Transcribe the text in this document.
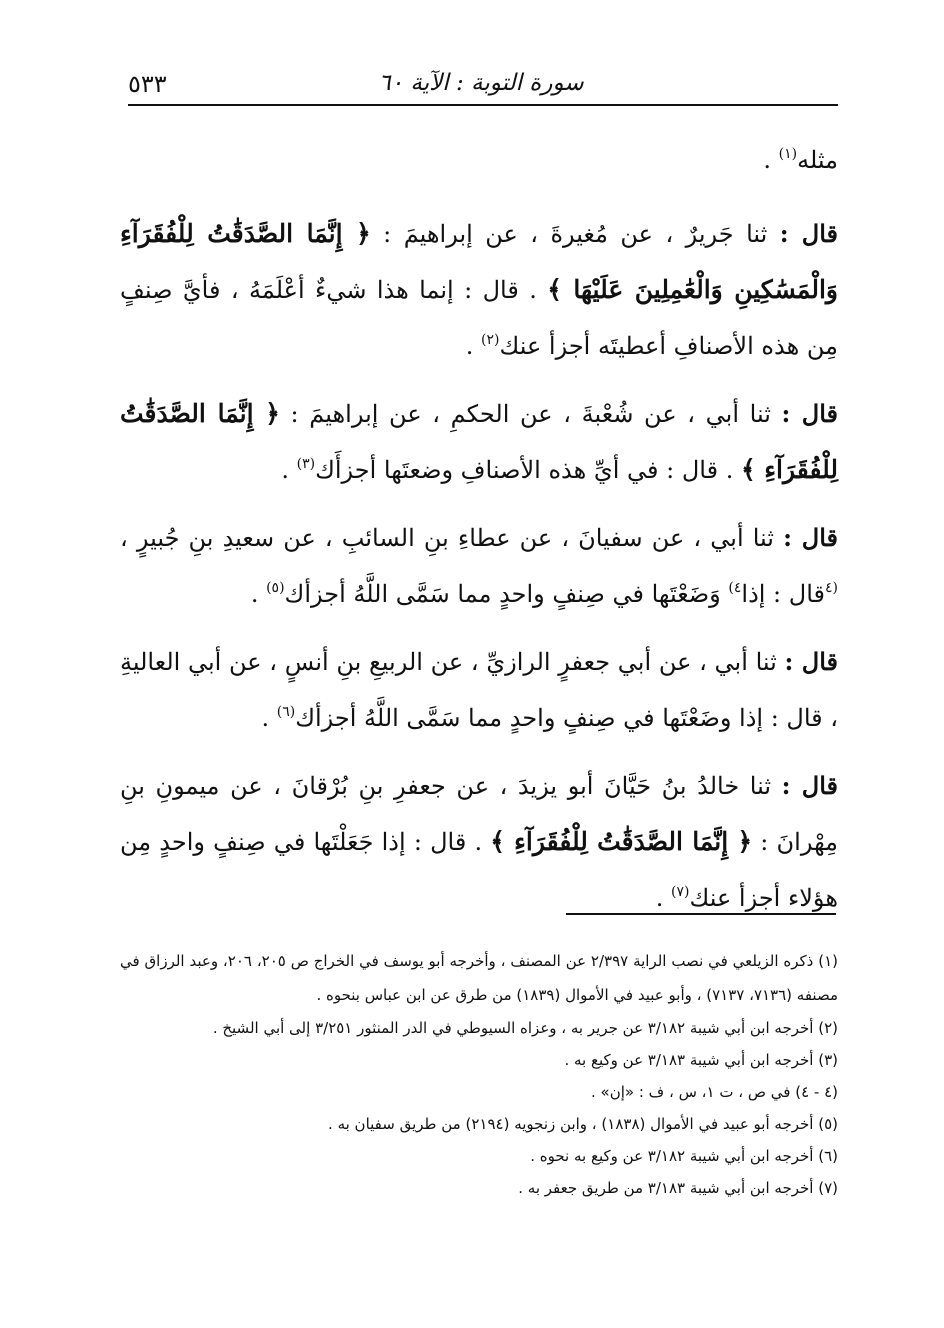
سورة التوبة : الآية ٦٠
٥٣٣

مثله$^{(١)}$ .

قال : ثنا جَريرٌ ، عن مُغيرةَ ، عن إبراهيمَ : ﴿ إِنَّمَا الصَّدَقَٰتُ لِلْفُقَرَآءِ وَالْمَسَٰكِينِ وَالْعَٰمِلِينَ عَلَيْهَا ﴾ . قال : إنما هذا شيءٌ أعْلَمَهُ ، فأيَّ صِنفٍ مِن هذه الأصنافِ أعطيتَه أجزأ عنك$^{(٢)}$ .

قال : ثنا أبي ، عن شُعْبةَ ، عن الحكمِ ، عن إبراهيمَ : ﴿ إِنَّمَا الصَّدَقَٰتُ لِلْفُقَرَآءِ ﴾ . قال : في أيِّ هذه الأصنافِ وضعتَها أجزأَك$^{(٣)}$ .

قال : ثنا أبي ، عن سفيانَ ، عن عطاءِ بنِ السائبِ ، عن سعيدِ بنِ جُبيرٍ ، $^{(٤}$قال : إذا$^{٤)}$ وَضَعْتَها في صِنفٍ واحدٍ مما سَمَّى اللَّهُ أجزأك$^{(٥)}$ .

قال : ثنا أبي ، عن أبي جعفرٍ الرازيِّ ، عن الربيعِ بنِ أنسٍ ، عن أبي العاليةِ ، قال : إذا وضَعْتَها في صِنفٍ واحدٍ مما سَمَّى اللَّهُ أجزأك$^{(٦)}$ .

قال : ثنا خالدُ بنُ حَيَّانَ أبو يزيدَ ، عن جعفرِ بنِ بُرْقانَ ، عن ميمونِ بنِ مِهْرانَ : ﴿ إِنَّمَا الصَّدَقَٰتُ لِلْفُقَرَآءِ ﴾ . قال : إذا جَعَلْتَها في صِنفٍ واحدٍ مِن هؤلاء أجزأ عنك$^{(٧)}$ .

(١) ذكره الزيلعي في نصب الراية ٢/٣٩٧ عن المصنف ، وأخرجه أبو يوسف في الخراج ص ٢٠٥، ٢٠٦، وعبد الرزاق في مصنفه (٧١٣٦، ٧١٣٧) ، وأبو عبيد في الأموال (١٨٣٩) من طرق عن ابن عباس بنحوه .

(٢) أخرجه ابن أبي شيبة ٣/١٨٢ عن جرير به ، وعزاه السيوطي في الدر المنثور ٣/٢٥١ إلى أبي الشيخ .

(٣) أخرجه ابن أبي شيبة ٣/١٨٣ عن وكيع به .

(٤ - ٤) في ص ، ت ١، س ، ف : «إن» .

(٥) أخرجه أبو عبيد في الأموال (١٨٣٨) ، وابن زنجويه (٢١٩٤) من طريق سفيان به .

(٦) أخرجه ابن أبي شيبة ٣/١٨٢ عن وكيع به نحوه .

(٧) أخرجه ابن أبي شيبة ٣/١٨٣ من طريق جعفر به .
